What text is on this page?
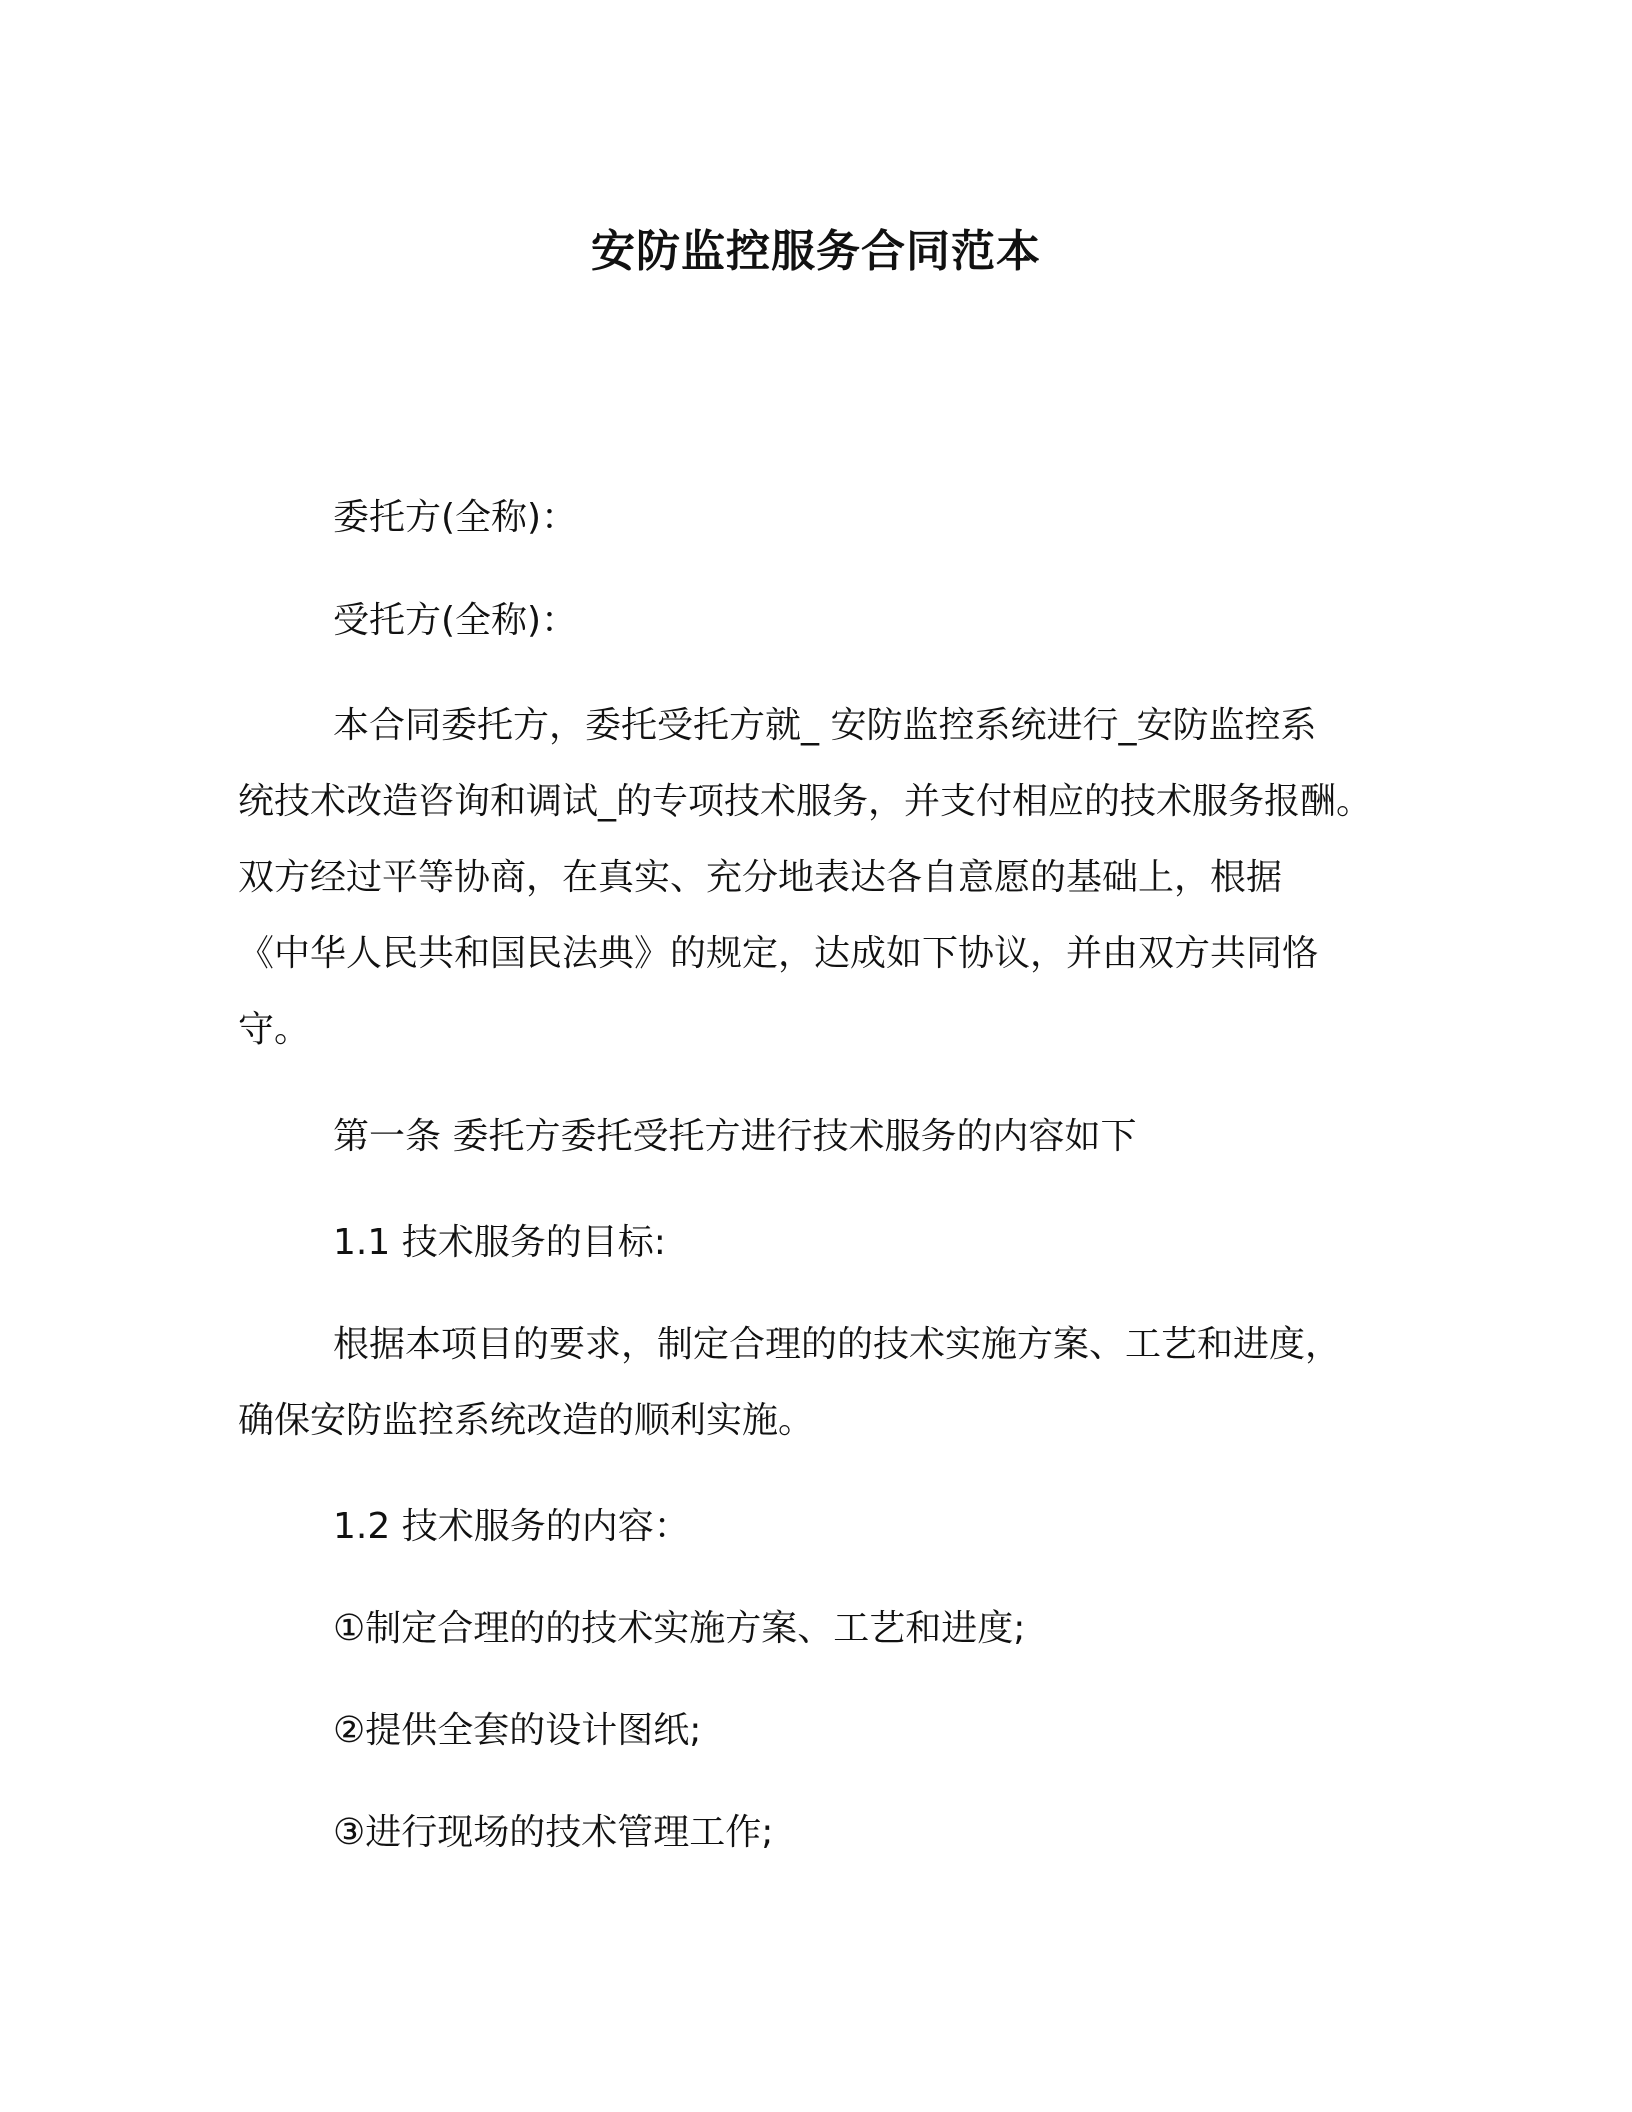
安防监控服务合同范本
委托方(全称)：
受托方(全称)：
本合同委托方，委托受托方就_ 安防监控系统进行_安防监控系
统技术改造咨询和调试_的专项技术服务，并支付相应的技术服务报酬。
双方经过平等协商，在真实、充分地表达各自意愿的基础上，根据
《中华人民共和国民法典》的规定，达成如下协议，并由双方共同恪
守。
第一条 委托方委托受托方进行技术服务的内容如下
1.1 技术服务的目标:
根据本项目的要求，制定合理的的技术实施方案、工艺和进度，
确保安防监控系统改造的顺利实施。
1.2 技术服务的内容：
①制定合理的的技术实施方案、工艺和进度;
②提供全套的设计图纸;
③进行现场的技术管理工作;
